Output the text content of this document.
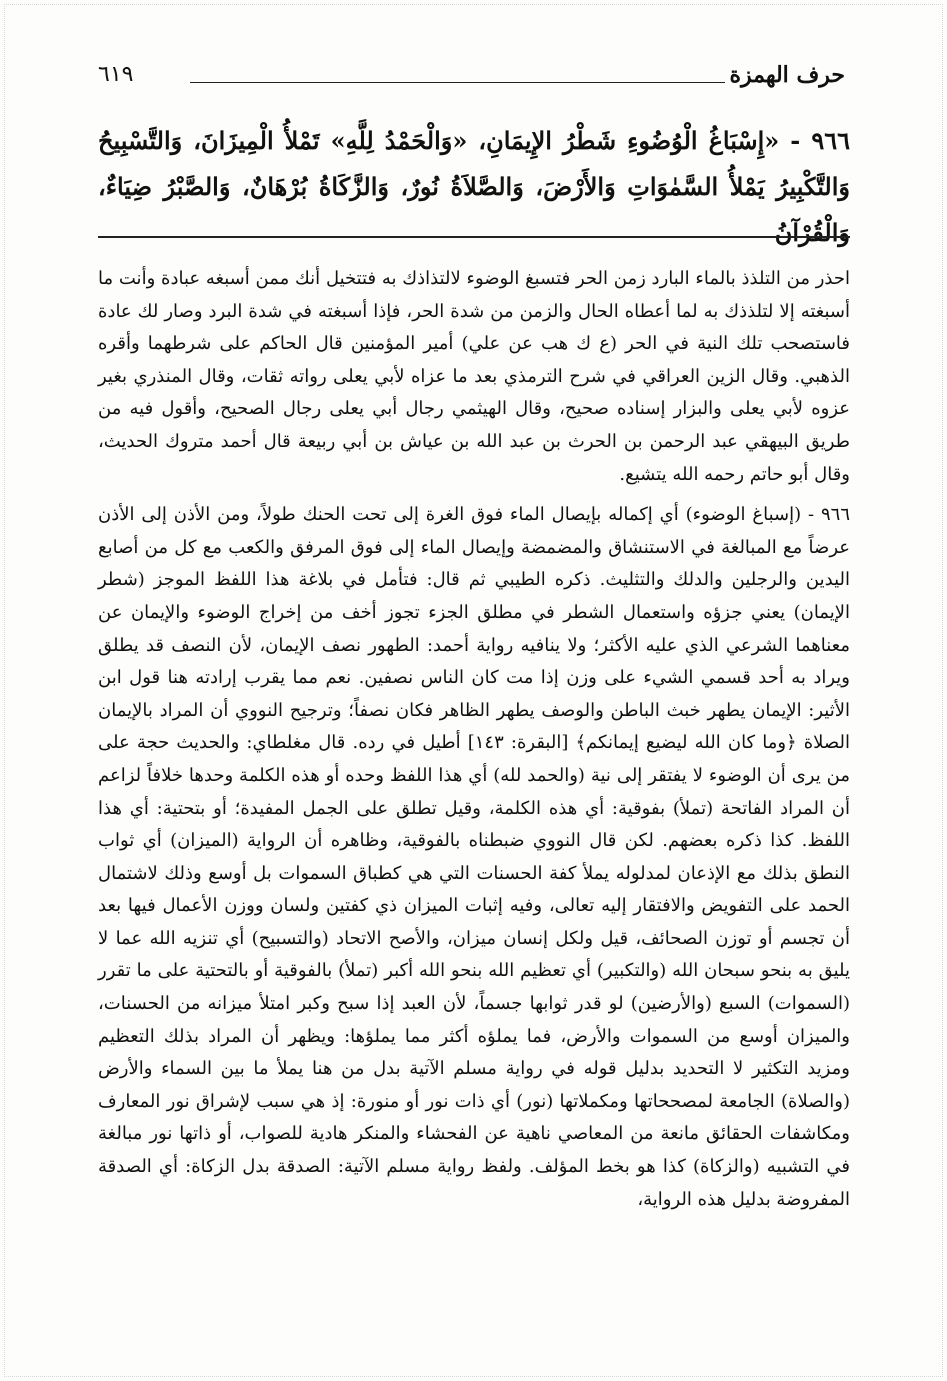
حرف الهمزة
٦١٩
٩٦٦ - «إِسْبَاغُ الْوُضُوءِ شَطْرُ الإِيمَانِ، «وَالْحَمْدُ لِلَّهِ» تَمْلأُ الْمِيزَانَ، وَالتَّسْبِيحُ وَالتَّكْبِيرُ يَمْلأُ السَّمٰوَاتِ وَالأَرْضَ، وَالصَّلاَةُ نُورٌ، وَالزَّكَاةُ بُرْهَانٌ، وَالصَّبْرُ ضِيَاءٌ، وَالْقُرْآنُ

احذر من التلذذ بالماء البارد زمن الحر فتسبغ الوضوء لالتذاذك به فتتخيل أنك ممن أسبغه عبادة وأنت ما أسبغته إلا لتلذذك به لما أعطاه الحال والزمن من شدة الحر، فإذا أسبغته في شدة البرد وصار لك عادة فاستصحب تلك النية في الحر (ع ك هب عن علي) أمير المؤمنين قال الحاكم على شرطهما وأقره الذهبي. وقال الزين العراقي في شرح الترمذي بعد ما عزاه لأبي يعلى رواته ثقات، وقال المنذري بغير عزوه لأبي يعلى والبزار إسناده صحيح، وقال الهيثمي رجال أبي يعلى رجال الصحيح، وأقول فيه من طريق البيهقي عبد الرحمن بن الحرث بن عبد الله بن عياش بن أبي ربيعة قال أحمد متروك الحديث، وقال أبو حاتم رحمه الله يتشيع.

٩٦٦ - (إسباغ الوضوء) أي إكماله بإيصال الماء فوق الغرة إلى تحت الحنك طولاً، ومن الأذن إلى الأذن عرضاً مع المبالغة في الاستنشاق والمضمضة وإيصال الماء إلى فوق المرفق والكعب مع كل من أصابع اليدين والرجلين والدلك والتثليث. ذكره الطيبي ثم قال: فتأمل في بلاغة هذا اللفظ الموجز (شطر الإيمان) يعني جزؤه واستعمال الشطر في مطلق الجزء تجوز أخف من إخراج الوضوء والإيمان عن معناهما الشرعي الذي عليه الأكثر؛ ولا ينافيه رواية أحمد: الطهور نصف الإيمان، لأن النصف قد يطلق ويراد به أحد قسمي الشيء على وزن إذا مت كان الناس نصفين. نعم مما يقرب إرادته هنا قول ابن الأثير: الإيمان يطهر خبث الباطن والوصف يطهر الظاهر فكان نصفاً؛ وترجيح النووي أن المراد بالإيمان الصلاة ﴿وما كان الله ليضيع إيمانكم﴾ [البقرة: ١٤٣] أطيل في رده. قال مغلطاي: والحديث حجة على من يرى أن الوضوء لا يفتقر إلى نية (والحمد لله) أي هذا اللفظ وحده أو هذه الكلمة وحدها خلافاً لزاعم أن المراد الفاتحة (تملأ) بفوقية: أي هذه الكلمة، وقيل تطلق على الجمل المفيدة؛ أو بتحتية: أي هذا اللفظ. كذا ذكره بعضهم. لكن قال النووي ضبطناه بالفوقية، وظاهره أن الرواية (الميزان) أي ثواب النطق بذلك مع الإذعان لمدلوله يملأ كفة الحسنات التي هي كطباق السموات بل أوسع وذلك لاشتمال الحمد على التفويض والافتقار إليه تعالى، وفيه إثبات الميزان ذي كفتين ولسان ووزن الأعمال فيها بعد أن تجسم أو توزن الصحائف، قيل ولكل إنسان ميزان، والأصح الاتحاد (والتسبيح) أي تنزيه الله عما لا يليق به بنحو سبحان الله (والتكبير) أي تعظيم الله بنحو الله أكبر (تملأ) بالفوقية أو بالتحتية على ما تقرر (السموات) السبع (والأرضين) لو قدر ثوابها جسماً، لأن العبد إذا سبح وكبر امتلأ ميزانه من الحسنات، والميزان أوسع من السموات والأرض، فما يملؤه أكثر مما يملؤها: ويظهر أن المراد بذلك التعظيم ومزيد التكثير لا التحديد بدليل قوله في رواية مسلم الآتية بدل من هنا يملأ ما بين السماء والأرض (والصلاة) الجامعة لمصححاتها ومكملاتها (نور) أي ذات نور أو منورة: إذ هي سبب لإشراق نور المعارف ومكاشفات الحقائق مانعة من المعاصي ناهية عن الفحشاء والمنكر هادية للصواب، أو ذاتها نور مبالغة في التشبيه (والزكاة) كذا هو بخط المؤلف. ولفظ رواية مسلم الآتية: الصدقة بدل الزكاة: أي الصدقة المفروضة بدليل هذه الرواية،
